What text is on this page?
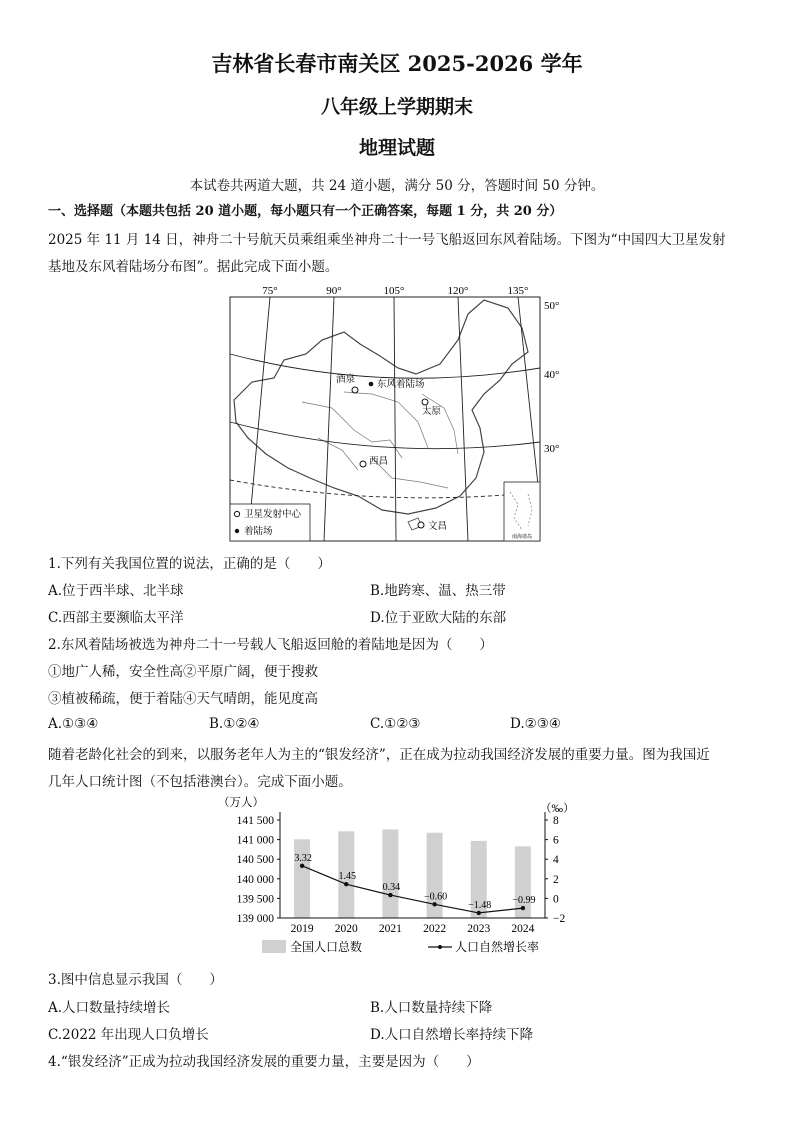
吉林省长春市南关区 2025-2026 学年
八年级上学期期末
地理试题
本试卷共两道大题，共 24 道小题，满分 50 分，答题时间 50 分钟。
一、选择题（本题共包括 20 道小题，每小题只有一个正确答案，每题 1 分，共 20 分）
2025 年 11 月 14 日，神舟二十号航天员乘组乘坐神舟二十一号飞船返回东风着陆场。下图为“中国四大卫星发射
基地及东风着陆场分布图”。据此完成下面小题。
75°	90°	105°	120°	135°
50°
40°
30°
酒泉 东风着陆场
太原
西昌
文昌
卫星发射中心
着陆场
南海诸岛
1.下列有关我国位置的说法，正确的是（　　）
A.位于西半球、北半球	B.地跨寒、温、热三带
C.西部主要濒临太平洋	D.位于亚欧大陆的东部
2.东风着陆场被选为神舟二十一号载人飞船返回舱的着陆地是因为（　　）
①地广人稀，安全性高②平原广阔，便于搜救
③植被稀疏，便于着陆④天气晴朗，能见度高
A.①③④	B.①②④	C.①②③	D.②③④
随着老龄化社会的到来，以服务老年人为主的“银发经济”，正在成为拉动我国经济发展的重要力量。图为我国近
几年人口统计图（不包括港澳台）。完成下面小题。
（万人）	（‰）
3.32
1.45
0.34
−0.60
−1.48 −0.99
141 500
141 000
140 500
140 000
139 500
139 000
8
6
4
2
0
−2
2019 2020 2021 2022 2023 2024
全国人口总数	人口自然增长率
3.图中信息显示我国（　　）
A.人口数量持续增长	B.人口数量持续下降
C.2022 年出现人口负增长	D.人口自然增长率持续下降
4.“银发经济”正成为拉动我国经济发展的重要力量，主要是因为（　　）
